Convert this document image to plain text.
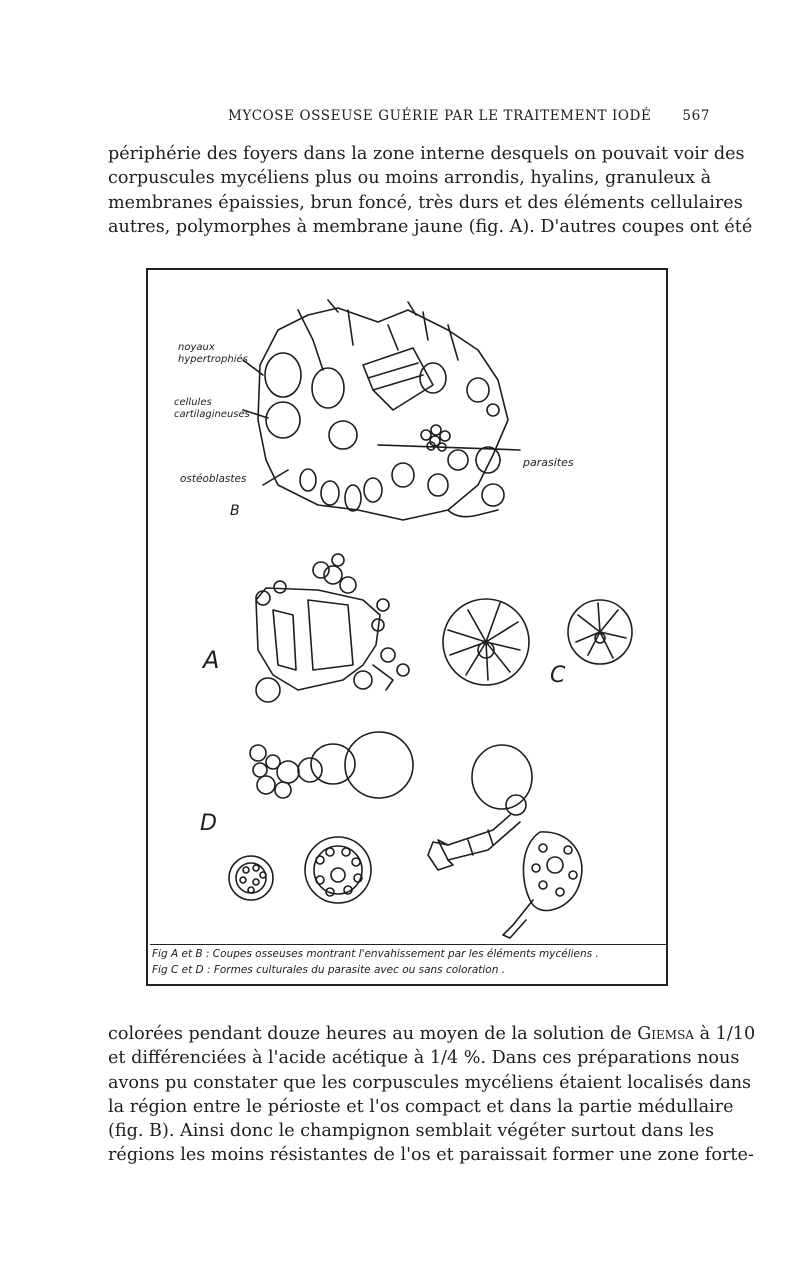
MYCOSE OSSEUSE GUÉRIE PAR LE TRAITEMENT IODÉ 567
périphérie des foyers dans la zone interne desquels on pouvait voir des
corpuscules mycéliens plus ou moins arrondis, hyalins, granuleux à
membranes épaissies, brun foncé, très durs et des éléments cellulaires
autres, polymorphes à membrane jaune (fig. A). D'autres coupes ont été
noyaux
hypertrophiés
cellules
cartilagineuses
ostéoblastes
parasites
B
A
C
D
Fig A et B : Coupes osseuses montrant l'envahissement par les éléments mycéliens .
Fig C et D : Formes culturales du parasite avec ou sans coloration .
colorées pendant douze heures au moyen de la solution de Giemsa à 1/10
et différenciées à l'acide acétique à 1/4 %. Dans ces préparations nous
avons pu constater que les corpuscules mycéliens étaient localisés dans
la région entre le périoste et l'os compact et dans la partie médullaire
(fig. B). Ainsi donc le champignon semblait végéter surtout dans les
régions les moins résistantes de l'os et paraissait former une zone forte-
